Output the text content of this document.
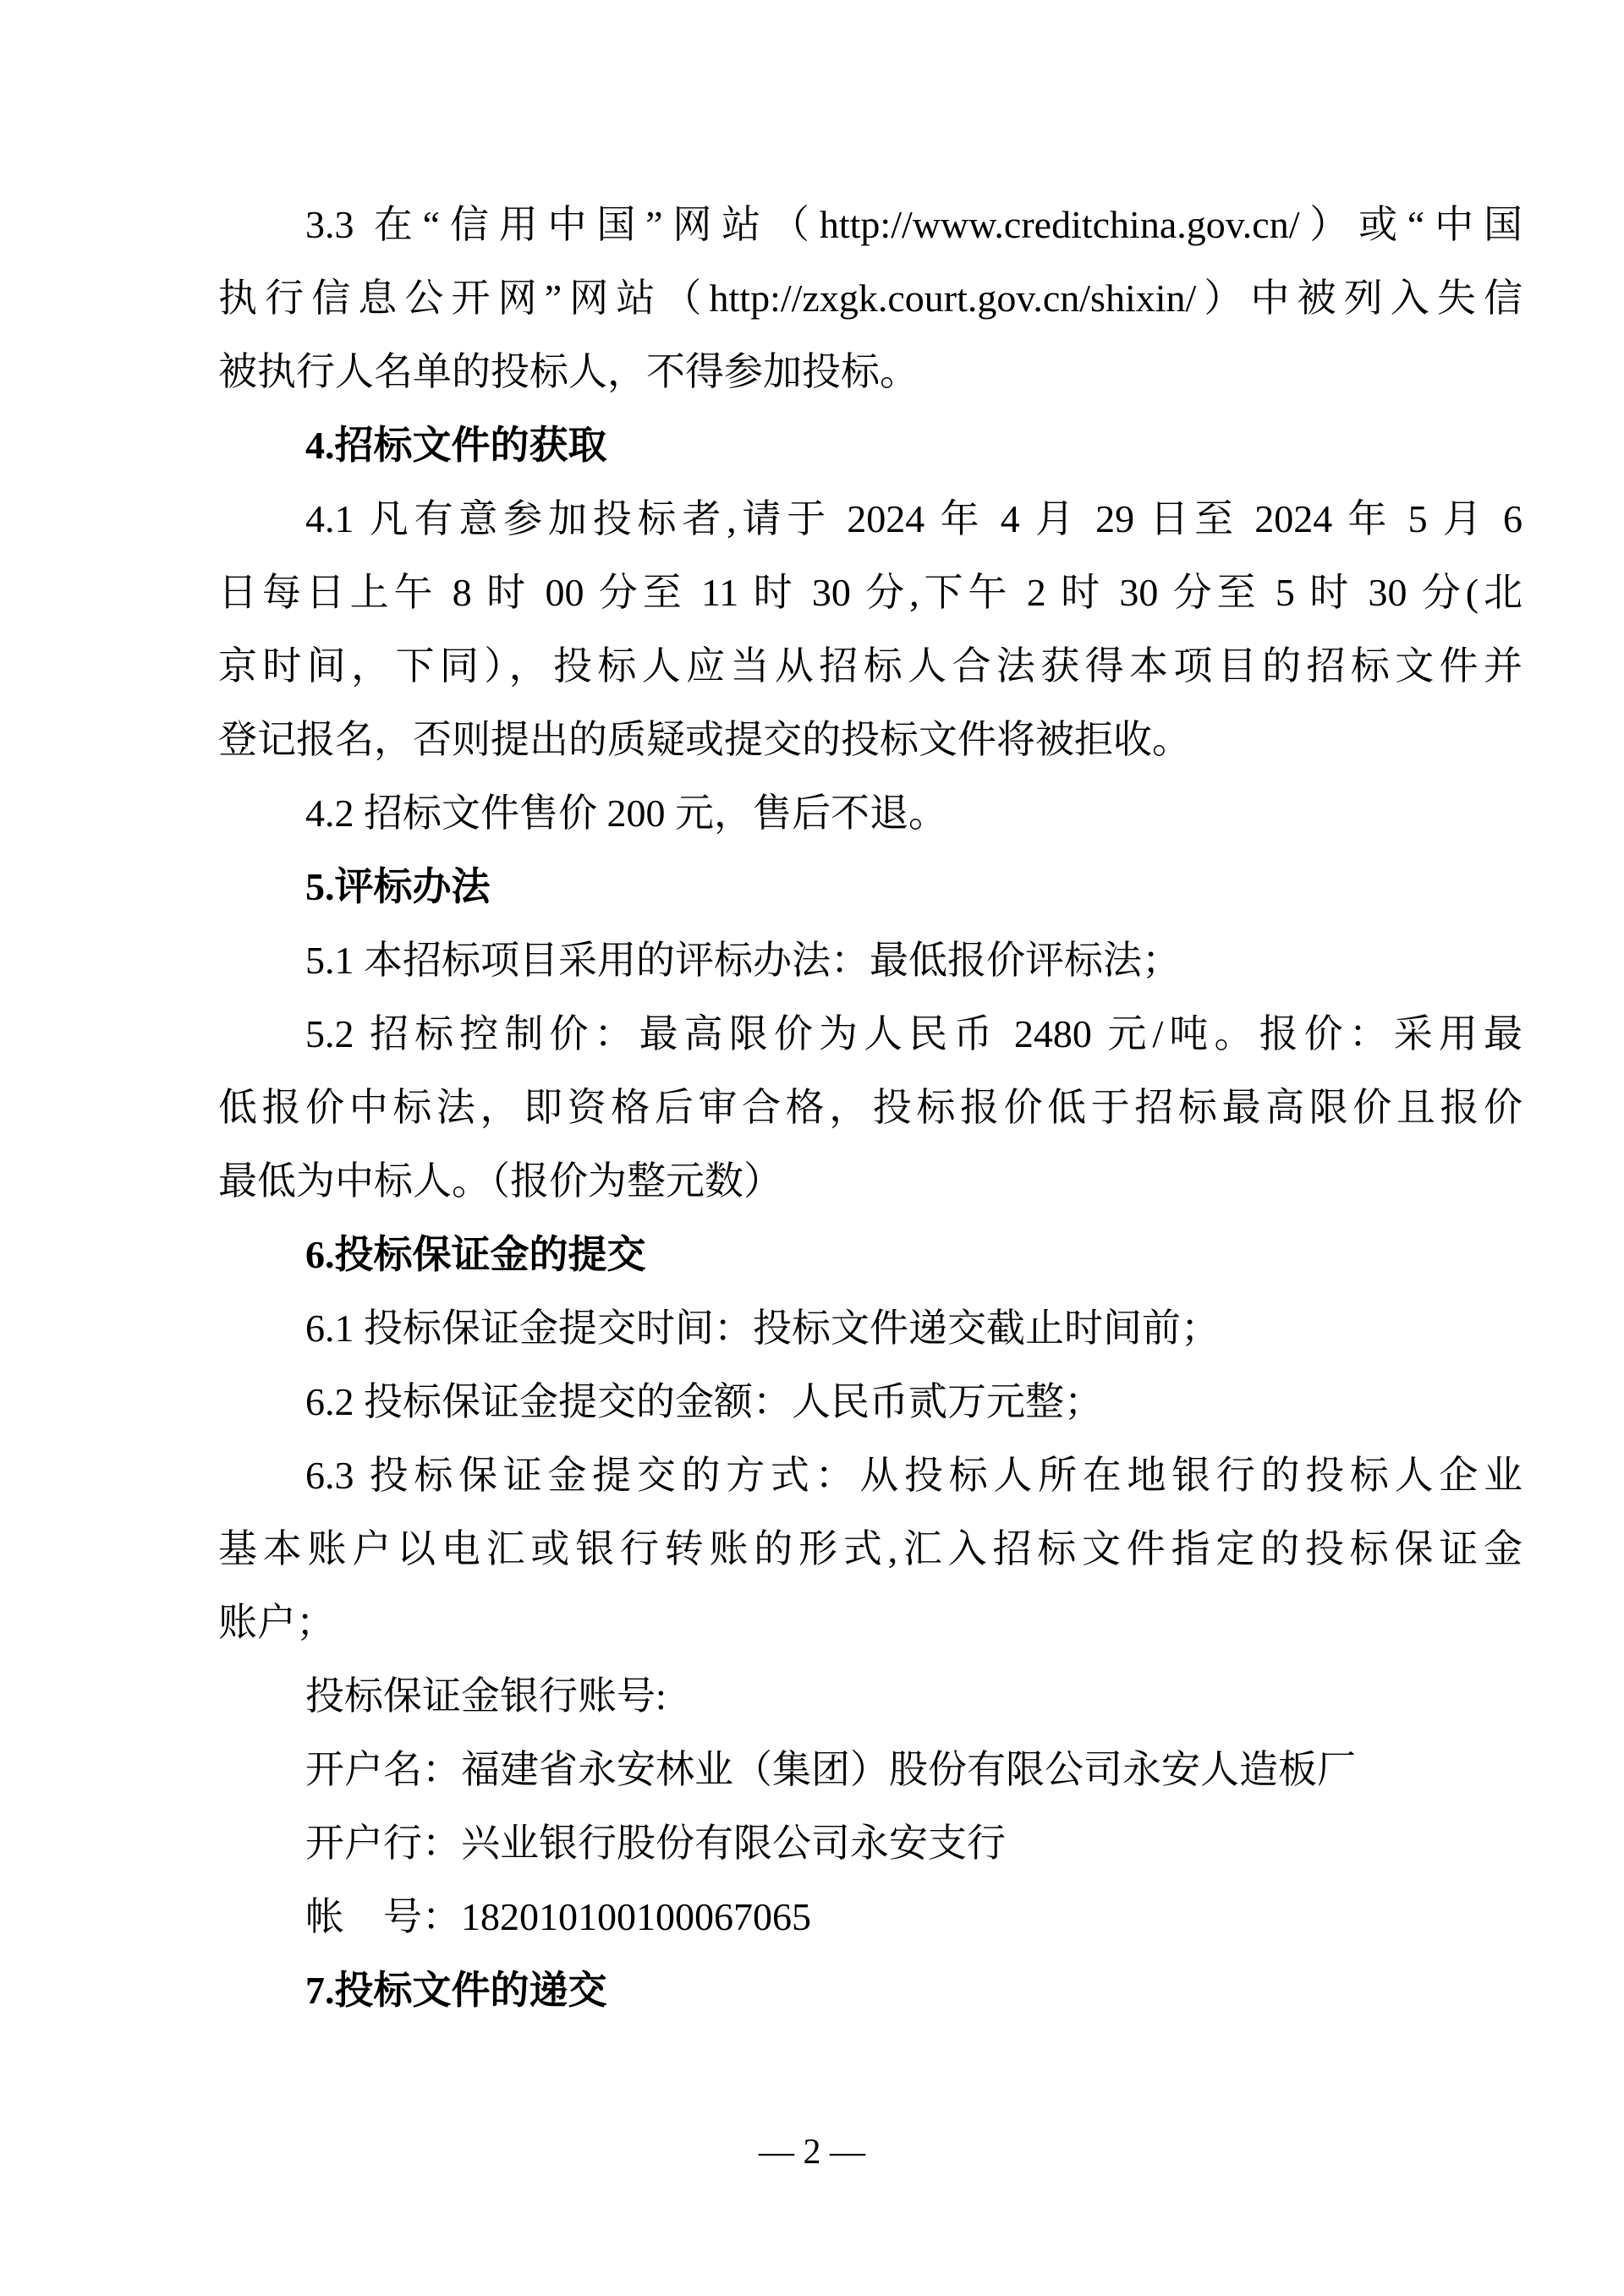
3.3 在“信用中国”网站（http://www.creditchina.gov.cn/）或“中国
执行信息公开网”网站（http://zxgk.court.gov.cn/shixin/）中被列入失信
被执行人名单的投标人，不得参加投标。
4.招标文件的获取
4.1 凡有意参加投标者,请于 2024 年 4 月 29 日至 2024 年 5 月 6
日每日上午 8 时 00 分至 11 时 30 分,下午 2 时 30 分至 5 时 30 分(北
京时间，下同），投标人应当从招标人合法获得本项目的招标文件并
登记报名，否则提出的质疑或提交的投标文件将被拒收。
4.2 招标文件售价 200 元，售后不退。
5.评标办法
5.1 本招标项目采用的评标办法：最低报价评标法；
5.2 招标控制价：最高限价为人民币 2480 元/吨。报价：采用最
低报价中标法，即资格后审合格，投标报价低于招标最高限价且报价
最低为中标人。（报价为整元数）
6.投标保证金的提交
6.1 投标保证金提交时间：投标文件递交截止时间前；
6.2 投标保证金提交的金额：人民币贰万元整；
6.3 投标保证金提交的方式：从投标人所在地银行的投标人企业
基本账户以电汇或银行转账的形式,汇入招标文件指定的投标保证金
账户；
投标保证金银行账号:
开户名：福建省永安林业（集团）股份有限公司永安人造板厂
开户行：兴业银行股份有限公司永安支行
帐　号：182010100100067065
7.投标文件的递交
— 2 —
